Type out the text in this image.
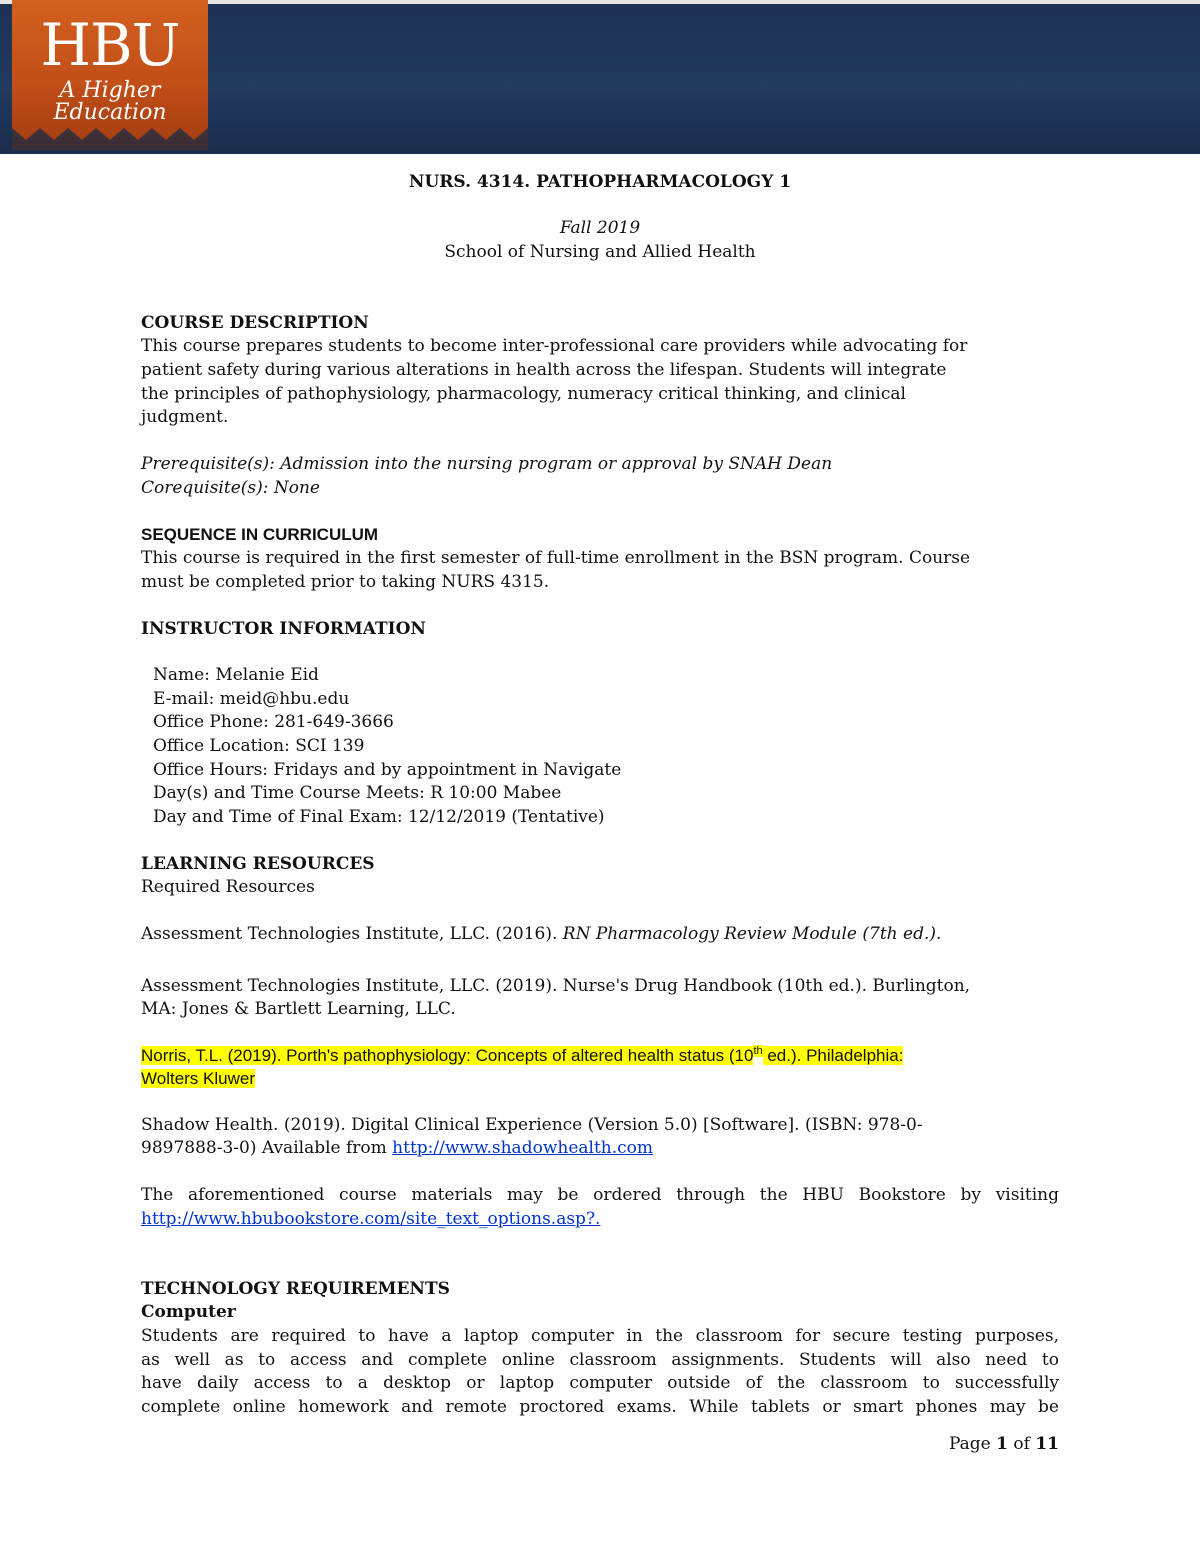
HBU
A Higher Education
NURS. 4314. PATHOPHARMACOLOGY 1
Fall 2019
School of Nursing and Allied Health
COURSE DESCRIPTION
This course prepares students to become inter-professional care providers while advocating for
patient safety during various alterations in health across the lifespan. Students will integrate
the principles of pathophysiology, pharmacology, numeracy critical thinking, and clinical
judgment.
Prerequisite(s): Admission into the nursing program or approval by SNAH Dean
Corequisite(s): None
SEQUENCE IN CURRICULUM
This course is required in the first semester of full-time enrollment in the BSN program. Course
must be completed prior to taking NURS 4315.
INSTRUCTOR INFORMATION
Name: Melanie Eid
E-mail: meid@hbu.edu
Office Phone: 281-649-3666
Office Location: SCI 139
Office Hours: Fridays and by appointment in Navigate
Day(s) and Time Course Meets: R 10:00 Mabee
Day and Time of Final Exam: 12/12/2019 (Tentative)
LEARNING RESOURCES
Required Resources
Assessment Technologies Institute, LLC. (2016). RN Pharmacology Review Module (7th ed.).
Assessment Technologies Institute, LLC. (2019). Nurse's Drug Handbook (10th ed.). Burlington,
MA: Jones & Bartlett Learning, LLC.
Norris, T.L. (2019). Porth's pathophysiology: Concepts of altered health status (10th ed.). Philadelphia:
Wolters Kluwer
Shadow Health. (2019). Digital Clinical Experience (Version 5.0) [Software]. (ISBN: 978-0-
9897888-3-0) Available from http://www.shadowhealth.com
The aforementioned course materials may be ordered through the HBU Bookstore by visiting
http://www.hbubookstore.com/site_text_options.asp?.
TECHNOLOGY REQUIREMENTS
Computer
Students are required to have a laptop computer in the classroom for secure testing purposes,
as well as to access and complete online classroom assignments. Students will also need to
have daily access to a desktop or laptop computer outside of the classroom to successfully
complete online homework and remote proctored exams. While tablets or smart phones may be
Page 1 of 11
